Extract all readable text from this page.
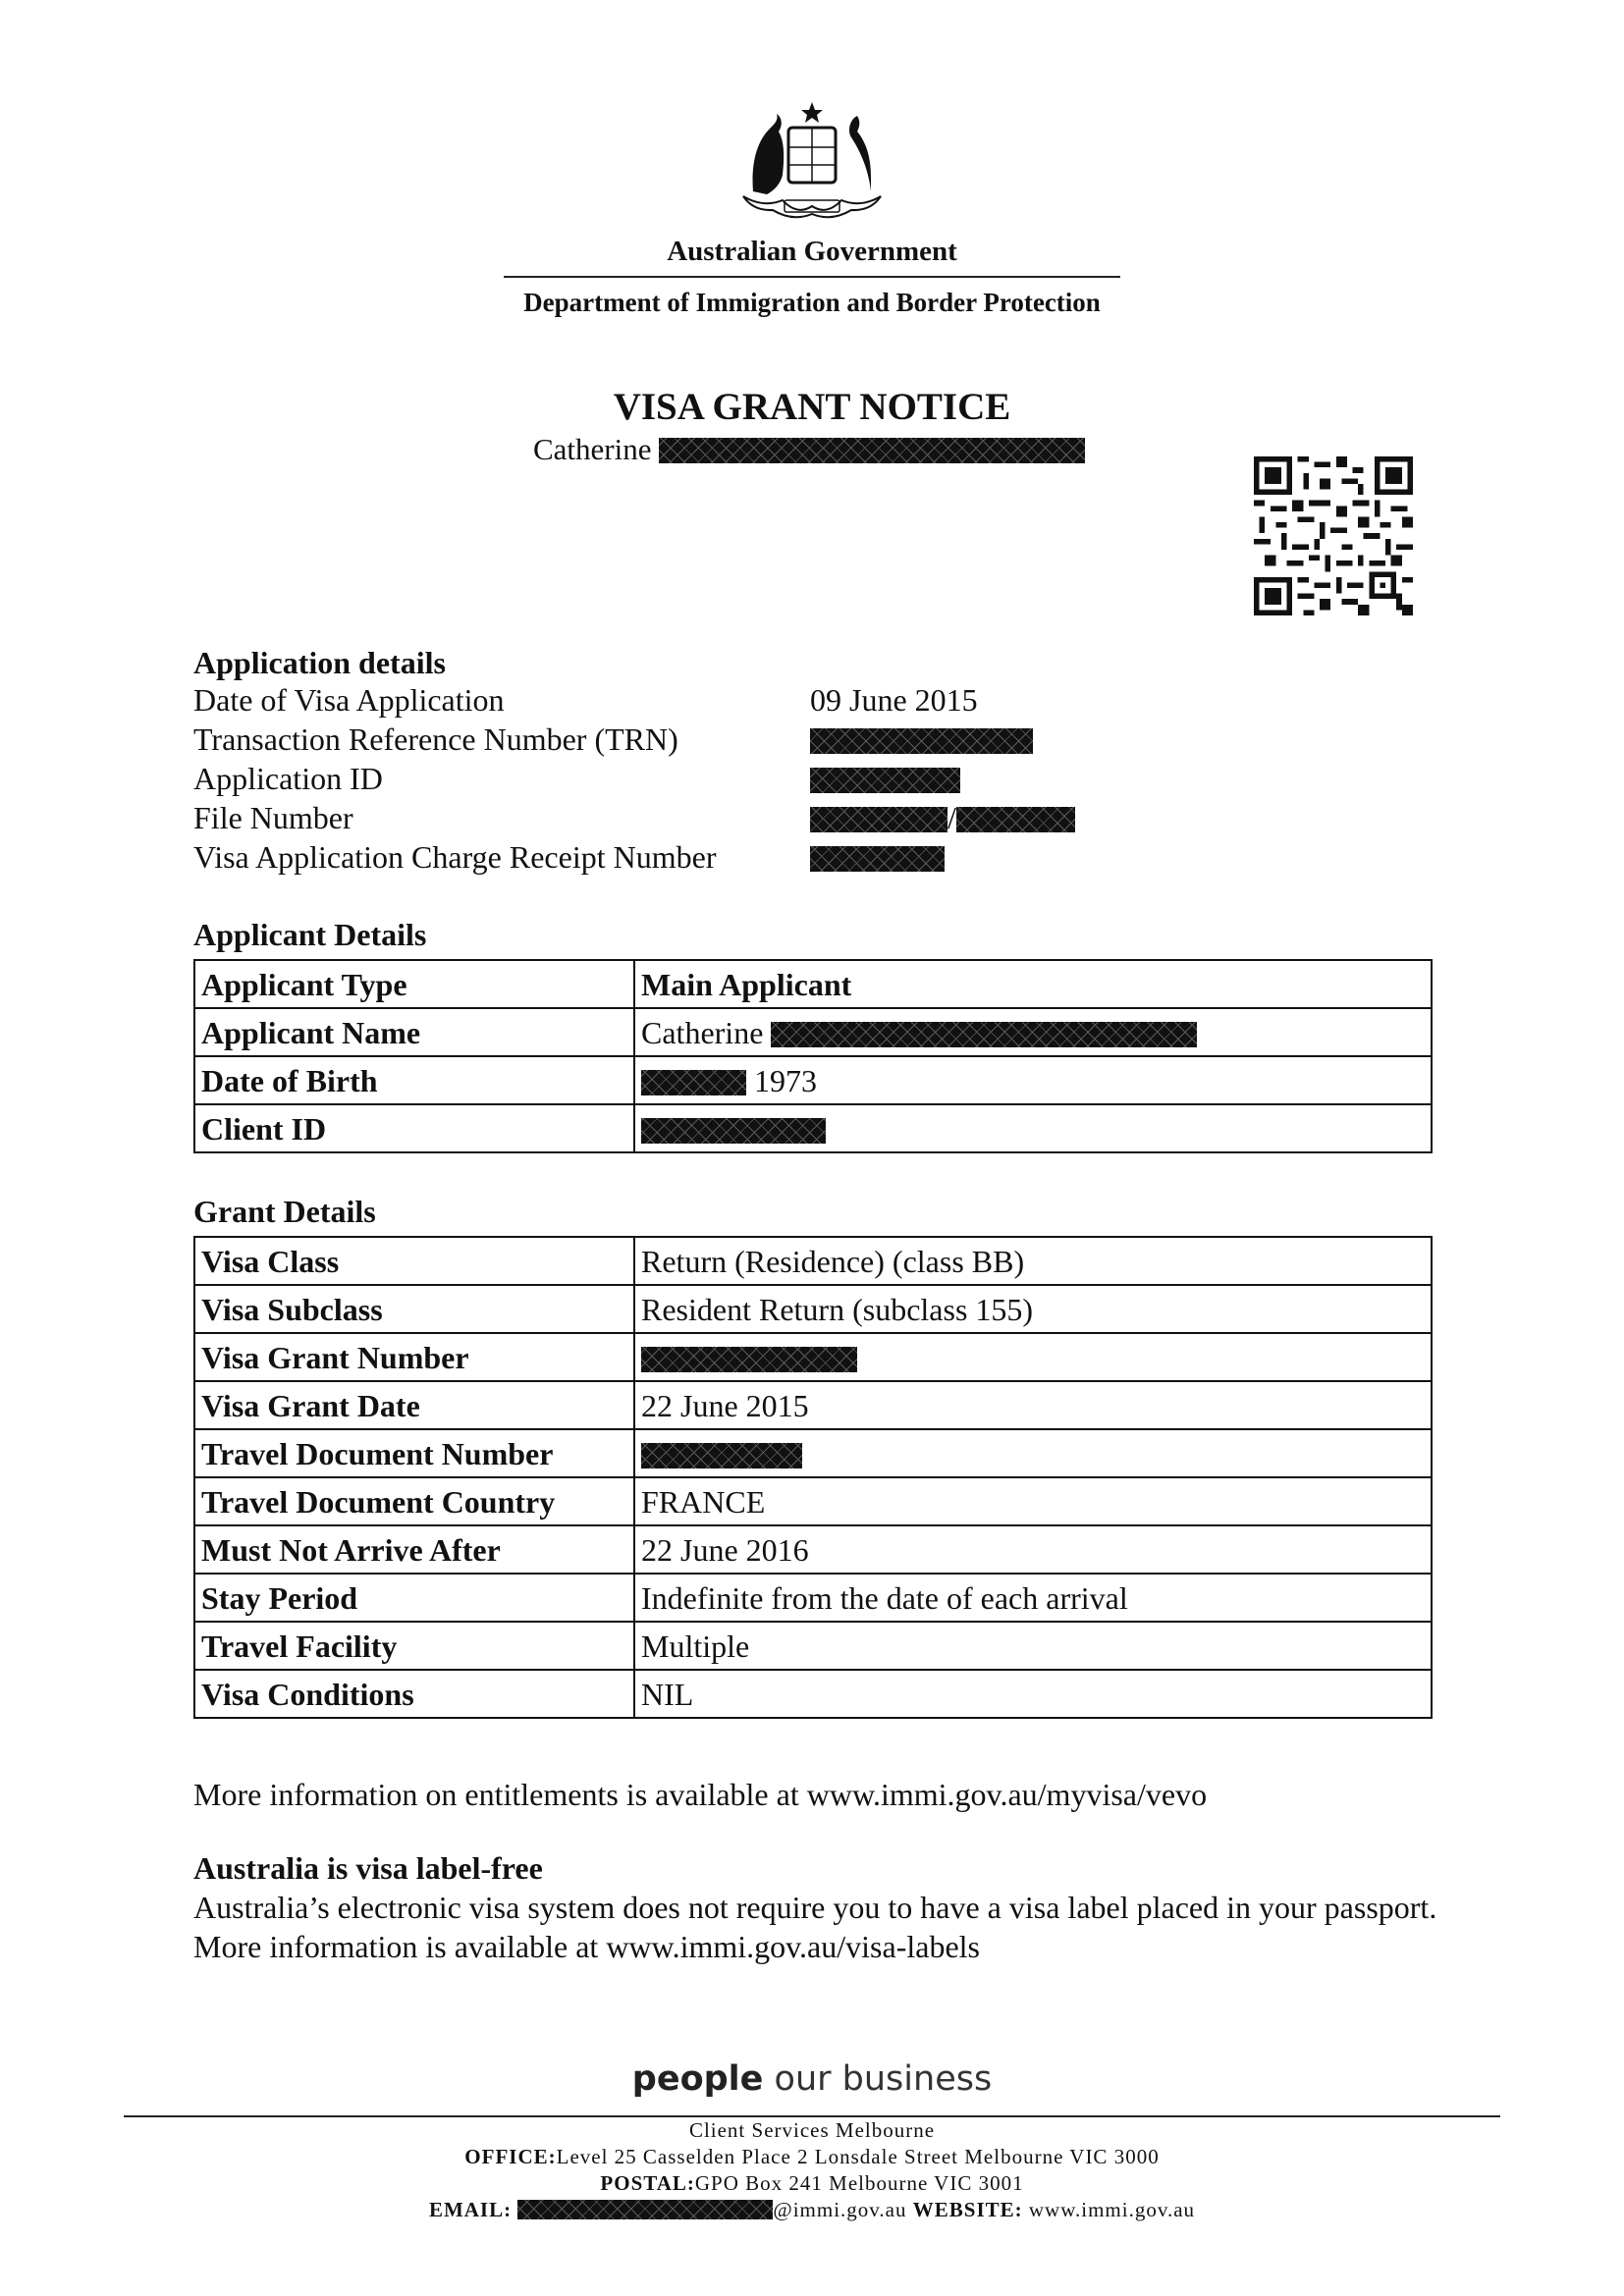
Australian Government
Department of Immigration and Border Protection
VISA GRANT NOTICE
Catherine
Application details
Date of Visa Application	09 June 2015
Transaction Reference Number (TRN)
Application ID
File Number	/
Visa Application Charge Receipt Number
Applicant Details
Applicant Type	Main Applicant
Applicant Name	Catherine
Date of Birth	1973
Client ID	
Grant Details
Visa Class	Return (Residence) (class BB)
Visa Subclass	Resident Return (subclass 155)
Visa Grant Number	
Visa Grant Date	22 June 2015
Travel Document Number	
Travel Document Country	FRANCE
Must Not Arrive After	22 June 2016
Stay Period	Indefinite from the date of each arrival
Travel Facility	Multiple
Visa Conditions	NIL
More information on entitlements is available at www.immi.gov.au/myvisa/vevo
Australia is visa label-free
Australia’s electronic visa system does not require you to have a visa label placed in your passport. More information is available at www.immi.gov.au/visa-labels
people our business
Client Services Melbourne
OFFICE:Level 25 Casselden Place 2 Lonsdale Street Melbourne VIC 3000
POSTAL:GPO Box 241 Melbourne VIC 3001
EMAIL:	@immi.gov.au WEBSITE: www.immi.gov.au
